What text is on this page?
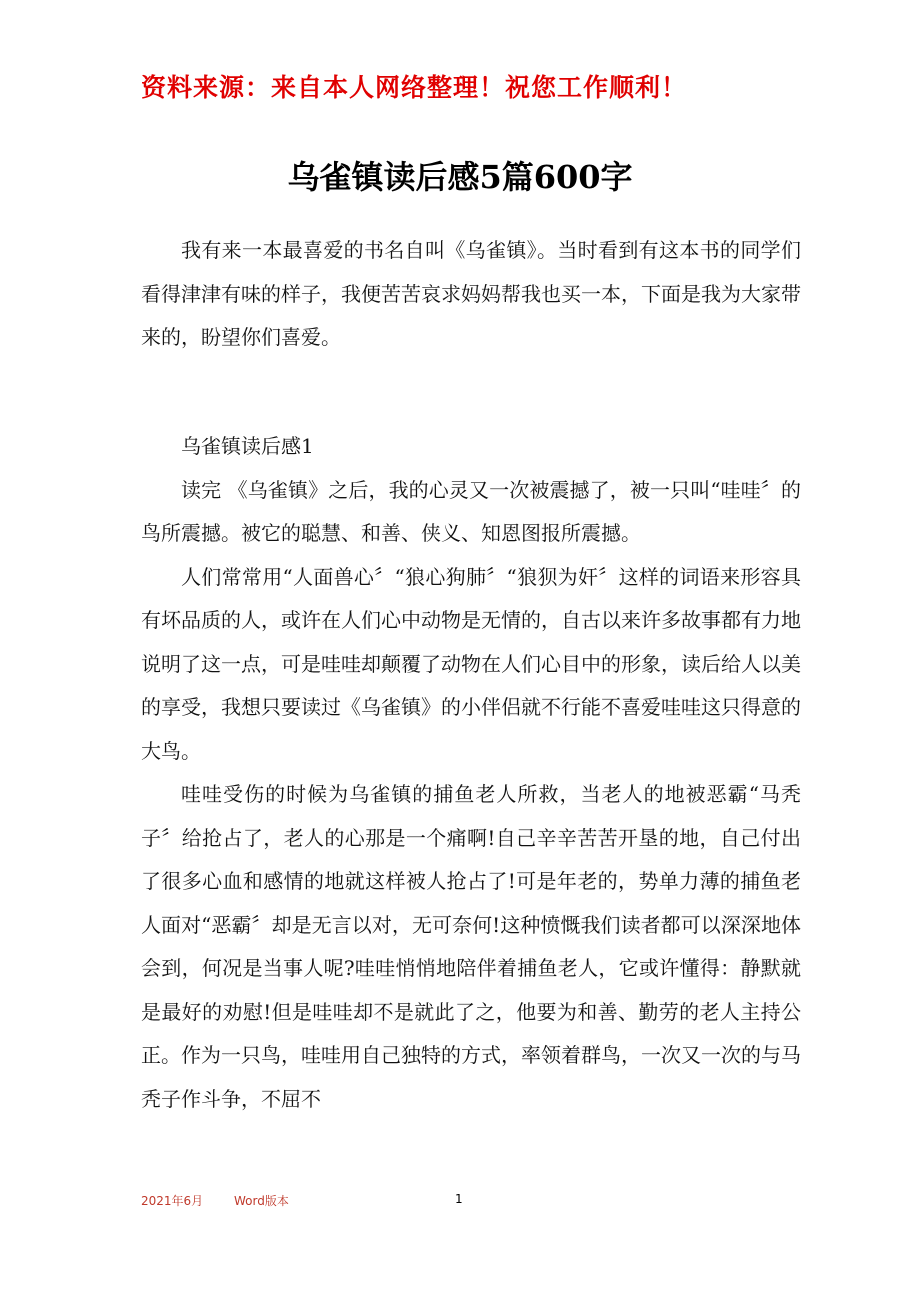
资料来源：来自本人网络整理！祝您工作顺利！
乌雀镇读后感5篇600字

我有来一本最喜爱的书名自叫《乌雀镇》。当时看到有这本书的同学们看得津津有味的样子，我便苦苦哀求妈妈帮我也买一本，下面是我为大家带来的，盼望你们喜爱。

乌雀镇读后感1

读完 《乌雀镇》之后，我的心灵又一次被震撼了，被一只叫“哇哇〞的鸟所震撼。被它的聪慧、和善、侠义、知恩图报所震撼。

人们常常用“人面兽心〞“狼心狗肺〞“狼狈为奸〞这样的词语来形容具有坏品质的人，或许在人们心中动物是无情的，自古以来许多故事都有力地说明了这一点，可是哇哇却颠覆了动物在人们心目中的形象，读后给人以美的享受，我想只要读过《乌雀镇》的小伴侣就不行能不喜爱哇哇这只得意的大鸟。

哇哇受伤的时候为乌雀镇的捕鱼老人所救，当老人的地被恶霸“马秃子〞给抢占了，老人的心那是一个痛啊!自己辛辛苦苦开垦的地，自己付出了很多心血和感情的地就这样被人抢占了!可是年老的，势单力薄的捕鱼老人面对“恶霸〞却是无言以对，无可奈何!这种愤慨我们读者都可以深深地体会到，何况是当事人呢?哇哇悄悄地陪伴着捕鱼老人，它或许懂得：静默就是最好的劝慰!但是哇哇却不是就此了之，他要为和善、勤劳的老人主持公正。作为一只鸟，哇哇用自己独特的方式，率领着群鸟，一次又一次的与马秃子作斗争，不屈不

2021年6月	Word版本	1
